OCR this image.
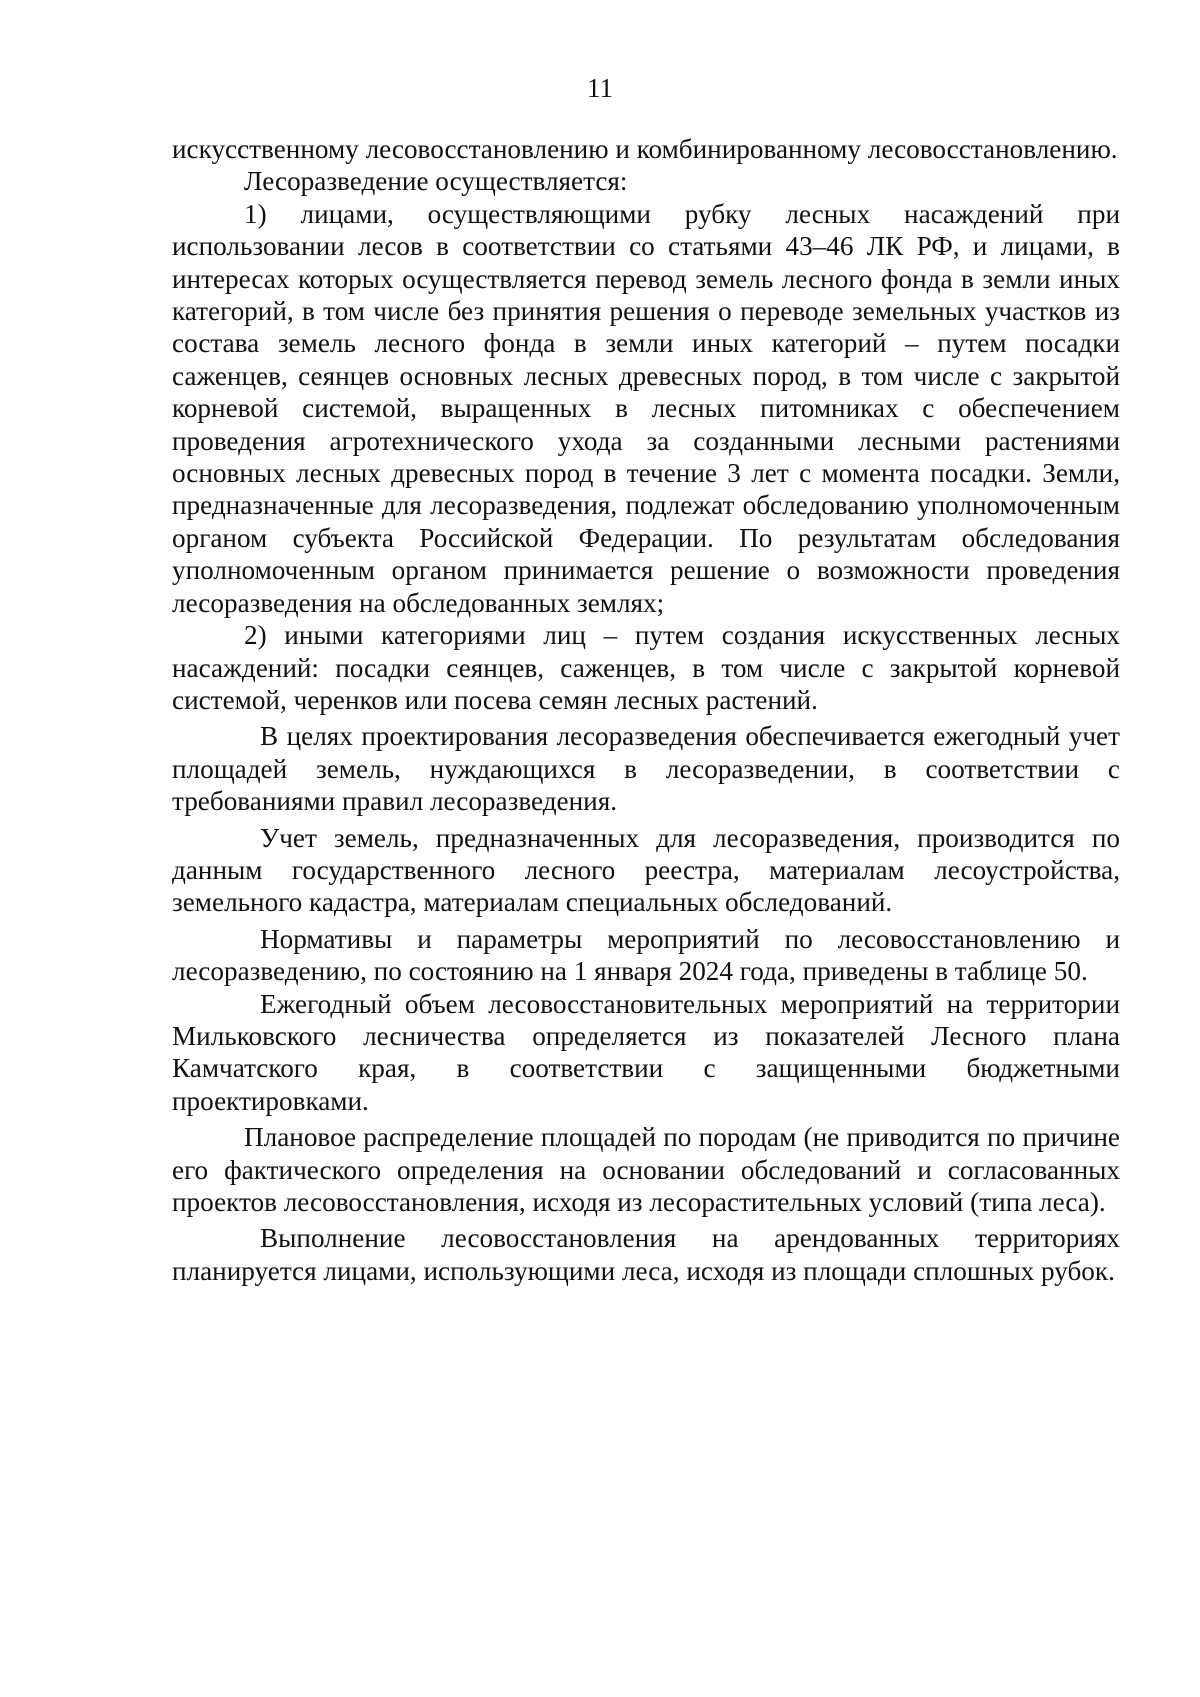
11

искусственному лесовосстановлению и комбинированному лесовосстановлению.

Лесоразведение осуществляется:

1) лицами, осуществляющими рубку лесных насаждений при использовании лесов в соответствии со статьями 43–46 ЛК РФ, и лицами, в интересах которых осуществляется перевод земель лесного фонда в земли иных категорий, в том числе без принятия решения о переводе земельных участков из состава земель лесного фонда в земли иных категорий – путем посадки саженцев, сеянцев основных лесных древесных пород, в том числе с закрытой корневой системой, выращенных в лесных питомниках с обеспечением проведения агротехнического ухода за созданными лесными растениями основных лесных древесных пород в течение 3 лет с момента посадки. Земли, предназначенные для лесоразведения, подлежат обследованию уполномоченным органом субъекта Российской Федерации. По результатам обследования уполномоченным органом принимается решение о возможности проведения лесоразведения на обследованных землях;

2) иными категориями лиц – путем создания искусственных лесных насаждений: посадки сеянцев, саженцев, в том числе с закрытой корневой системой, черенков или посева семян лесных растений.

В целях проектирования лесоразведения обеспечивается ежегодный учет площадей земель, нуждающихся в лесоразведении, в соответствии с требованиями правил лесоразведения.

Учет земель, предназначенных для лесоразведения, производится по данным государственного лесного реестра, материалам лесоустройства, земельного кадастра, материалам специальных обследований.

Нормативы и параметры мероприятий по лесовосстановлению и лесоразведению, по состоянию на 1 января 2024 года, приведены в таблице 50.

Ежегодный объем лесовосстановительных мероприятий на территории Мильковского лесничества определяется из показателей Лесного плана Камчатского края, в соответствии с защищенными бюджетными проектировками.

Плановое распределение площадей по породам (не приводится по причине его фактического определения на основании обследований и согласованных проектов лесовосстановления, исходя из лесорастительных условий (типа леса).

Выполнение лесовосстановления на арендованных территориях планируется лицами, использующими леса, исходя из площади сплошных рубок.
